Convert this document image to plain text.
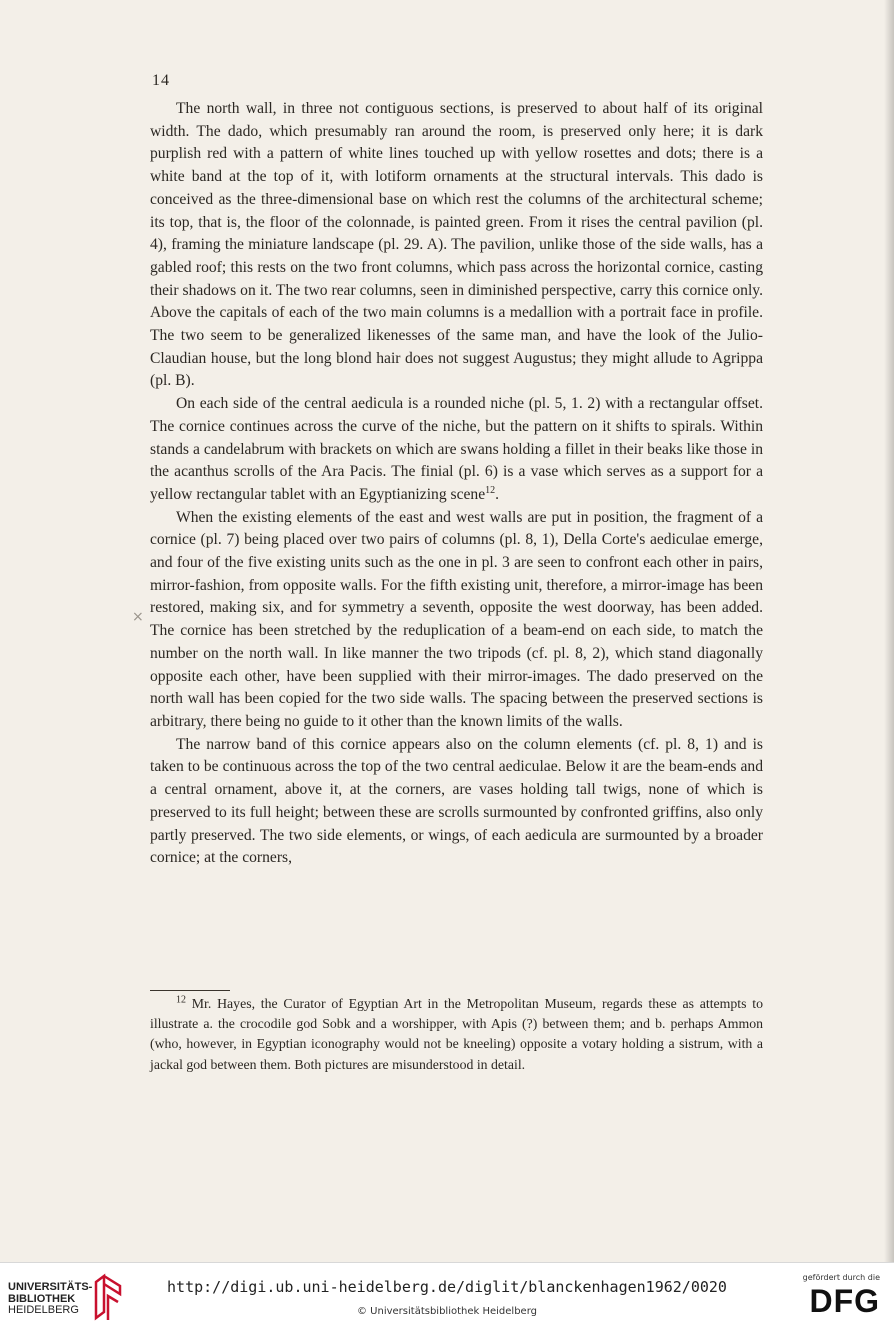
14
×

The north wall, in three not contiguous sections, is preserved to about half of its original width. The dado, which presumably ran around the room, is preserved only here; it is dark purplish red with a pattern of white lines touched up with yellow rosettes and dots; there is a white band at the top of it, with lotiform ornaments at the structural intervals. This dado is conceived as the three-dimensional base on which rest the columns of the architectural scheme; its top, that is, the floor of the colonnade, is painted green. From it rises the central pavilion (pl. 4), framing the miniature landscape (pl. 29. A). The pavilion, unlike those of the side walls, has a gabled roof; this rests on the two front columns, which pass across the horizontal cornice, casting their shadows on it. The two rear columns, seen in diminished perspective, carry this cornice only. Above the capitals of each of the two main columns is a medallion with a portrait face in profile. The two seem to be generalized likenesses of the same man, and have the look of the Julio-Claudian house, but the long blond hair does not suggest Augustus; they might allude to Agrippa (pl. B).

On each side of the central aedicula is a rounded niche (pl. 5, 1. 2) with a rectangular offset. The cornice continues across the curve of the niche, but the pattern on it shifts to spirals. Within stands a candelabrum with brackets on which are swans holding a fillet in their beaks like those in the acanthus scrolls of the Ara Pacis. The finial (pl. 6) is a vase which serves as a support for a yellow rectangular tablet with an Egyptianizing scene$^{12}$.

When the existing elements of the east and west walls are put in position, the fragment of a cornice (pl. 7) being placed over two pairs of columns (pl. 8, 1), Della Corte's aediculae emerge, and four of the five existing units such as the one in pl. 3 are seen to confront each other in pairs, mirror-fashion, from opposite walls. For the fifth existing unit, therefore, a mirror-image has been restored, making six, and for symmetry a seventh, opposite the west doorway, has been added. The cornice has been stretched by the reduplication of a beam-end on each side, to match the number on the north wall. In like manner the two tripods (cf. pl. 8, 2), which stand diagonally opposite each other, have been supplied with their mirror-images. The dado preserved on the north wall has been copied for the two side walls. The spacing between the preserved sections is arbitrary, there being no guide to it other than the known limits of the walls.

The narrow band of this cornice appears also on the column elements (cf. pl. 8, 1) and is taken to be continuous across the top of the two central aediculae. Below it are the beam-ends and a central ornament, above it, at the corners, are vases holding tall twigs, none of which is preserved to its full height; between these are scrolls surmounted by confronted griffins, also only partly preserved. The two side elements, or wings, of each aedicula are surmounted by a broader cornice; at the corners,

$^{12}$ Mr. Hayes, the Curator of Egyptian Art in the Metropolitan Museum, regards these as attempts to illustrate a. the crocodile god Sobk and a worshipper, with Apis (?) between them; and b. perhaps Ammon (who, however, in Egyptian iconography would not be kneeling) opposite a votary holding a sistrum, with a jackal god between them. Both pictures are misunderstood in detail.

UNIVERSITÄTS-
BIBLIOTHEK
HEIDELBERG
http://digi.ub.uni-heidelberg.de/diglit/blanckenhagen1962/0020
© Universitätsbibliothek Heidelberg
gefördert durch die
DFG
